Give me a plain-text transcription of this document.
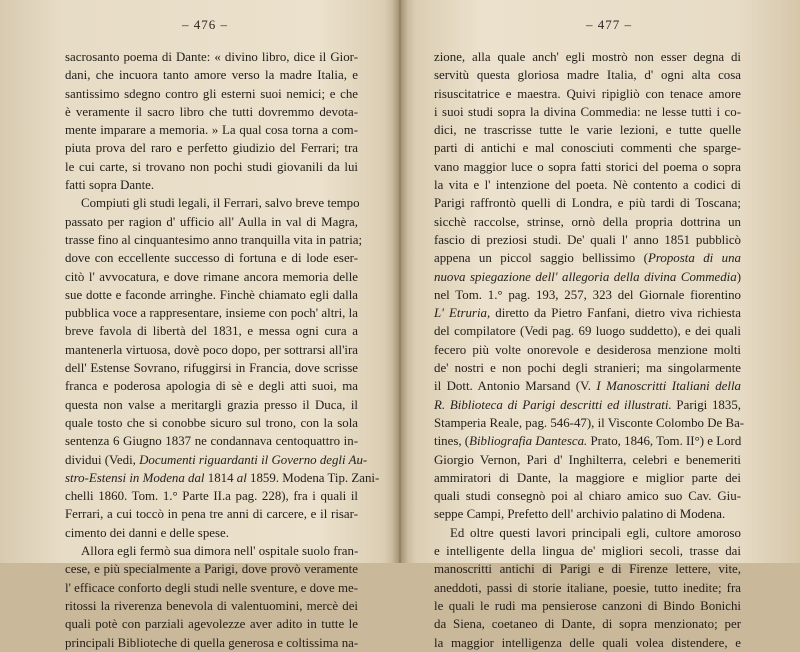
– 476 –
sacrosanto poema di Dante: « divino libro, dice il Gior-
dani, che incuora tanto amore verso la madre Italia, e
santissimo sdegno contro gli esterni suoi nemici; e che
è veramente il sacro libro che tutti dovremmo devota-
mente imparare a memoria. » La qual cosa torna a com-
piuta prova del raro e perfetto giudizio del Ferrari; tra
le cui carte, si trovano non pochi studi giovanili da lui
fatti sopra Dante.
Compiuti gli studi legali, il Ferrari, salvo breve tempo
passato per ragion d' ufficio all' Aulla in val di Magra,
trasse fino al cinquantesimo anno tranquilla vita in patria;
dove con eccellente successo di fortuna e di lode eser-
citò l' avvocatura, e dove rimane ancora memoria delle
sue dotte e faconde arringhe. Finchè chiamato egli dalla
pubblica voce a rappresentare, insieme con poch' altri, la
breve favola di libertà del 1831, e messa ogni cura a
mantenerla virtuosa, dovè poco dopo, per sottrarsi all'ira
dell' Estense Sovrano, rifuggirsi in Francia, dove scrisse
franca e poderosa apologia di sè e degli atti suoi, ma
questa non valse a meritargli grazia presso il Duca, il
quale tosto che si conobbe sicuro sul trono, con la sola
sentenza 6 Giugno 1837 ne condannava centoquattro in-
dividui (Vedi, Documenti riguardanti il Governo degli Au-
stro-Estensi in Modena dal 1814 al 1859. Modena Tip. Zani-
chelli 1860. Tom. 1.° Parte II.a pag. 228), fra i quali il
Ferrari, a cui toccò in pena tre anni di carcere, e il risar-
cimento dei danni e delle spese.
Allora egli fermò sua dimora nell' ospitale suolo fran-
cese, e più specialmente a Parigi, dove provò veramente
l' efficace conforto degli studi nelle sventure, e dove me-
ritossi la riverenza benevola di valentuomini, mercè dei
quali potè con parziali agevolezze aver adito in tutte le
principali Biblioteche di quella generosa e coltissima na-
– 477 –
zione, alla quale anch' egli mostrò non esser degna di
servitù questa gloriosa madre Italia, d' ogni alta cosa
risuscitatrice e maestra. Quivi ripigliò con tenace amore
i suoi studi sopra la divina Commedia: ne lesse tutti i co-
dici, ne trascrisse tutte le varie lezioni, e tutte quelle
parti di antichi e mal conosciuti commenti che sparge-
vano maggior luce o sopra fatti storici del poema o sopra
la vita e l' intenzione del poeta. Nè contento a codici di
Parigi raffrontò quelli di Londra, e più tardi di Toscana;
sicchè raccolse, strinse, ornò della propria dottrina un
fascio di preziosi studi. De' quali l' anno 1851 pubblicò
appena un piccol saggio bellissimo (Proposta di una
nuova spiegazione dell' allegoria della divina Commedia)
nel Tom. 1.° pag. 193, 257, 323 del Giornale fiorentino
L' Etruria, diretto da Pietro Fanfani, dietro viva richiesta
del compilatore (Vedi pag. 69 luogo suddetto), e dei quali
fecero più volte onorevole e desiderosa menzione molti
de' nostri e non pochi degli stranieri; ma singolarmente
il Dott. Antonio Marsand (V. I Manoscritti Italiani della
R. Biblioteca di Parigi descritti ed illustrati. Parigi 1835,
Stamperia Reale, pag. 546-47), il Visconte Colombo De Ba-
tines, (Bibliografia Dantesca. Prato, 1846, Tom. II°) e Lord
Giorgio Vernon, Pari d' Inghilterra, celebri e benemeriti
ammiratori di Dante, la maggiore e miglior parte dei
quali studi consegnò poi al chiaro amico suo Cav. Giu-
seppe Campi, Prefetto dell' archivio palatino di Modena.
Ed oltre questi lavori principali egli, cultore amoroso
e intelligente della lingua de' migliori secoli, trasse dai
manoscritti antichi di Parigi e di Firenze lettere, vite,
aneddoti, passi di storie italiane, poesie, tutto inedite; fra
le quali le rudi ma pensierose canzoni di Bindo Bonichi
da Siena, coetaneo di Dante, di sopra menzionato; per
la maggior intelligenza delle quali volea distendere, e
